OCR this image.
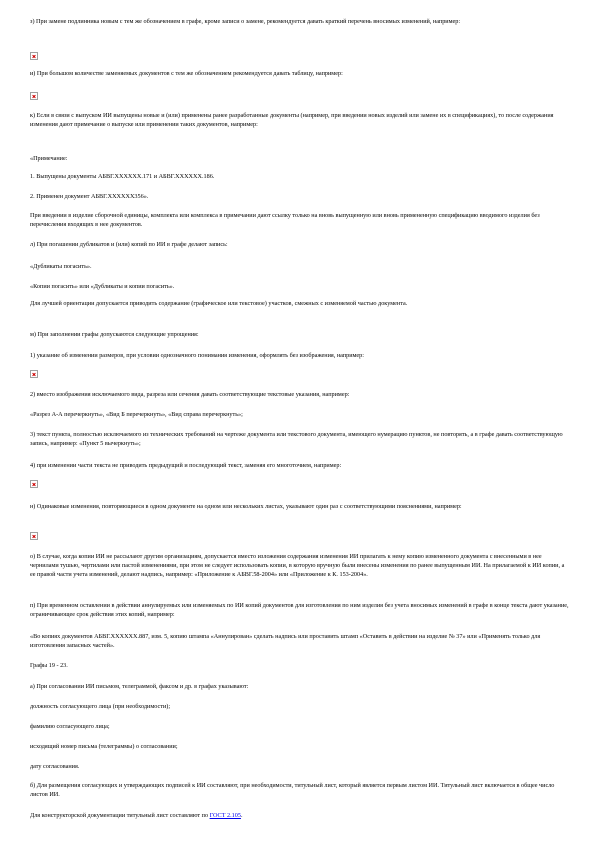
з) При замене подлинника новым с тем же обозначением в графе, кроме записи о замене, рекомендуется давать краткий перечень вносимых изменений, например:

и) При большом количестве заменяемых документов с тем же обозначением рекомендуется давать таблицу, например:

к) Если в связи с выпуском ИИ выпущены новые и (или) применены ранее разработанные документы (например, при введении новых изделий или замене их в спецификациях), то после содержания изменения дают примечание о выпуске или применении таких документов, например:

«Примечание:

1. Выпущены документы АБВГ.ХХХХХХ.171 и АБВГ.ХХХХХХ.186.

2. Применен документ АБВГ.ХХХХХХ356».

При введении в изделие сборочной единицы, комплекта или комплекса в примечании дают ссылку только на вновь выпущенную или вновь примененную спецификацию вводимого изделия без перечисления входящих в нее документов.

л) При погашении дубликатов и (или) копий по ИИ в графе делают запись:

«Дубликаты погасить».

«Копии погасить» или «Дубликаты и копии погасить».

Для лучшей ориентации допускается приводить содержание (графическое или текстовое) участков, смежных с изменяемой частью документа.

м) При заполнении графы допускаются следующие упрощения:

1) указание об изменении размеров, при условии однозначного понимания изменения, оформлять без изображения, например:

2) вместо изображения исключаемого вида, разреза или сечения давать соответствующие текстовые указания, например:

«Разрез А-А перечеркнуть», «Вид Б перечеркнуть», «Вид справа перечеркнуть»;

3) текст пункта, полностью исключаемого из технических требований на чертеже документа или текстового документа, имеющего нумерацию пунктов, не повторять, а в графе давать соответствующую запись, например: «Пункт 5 вычеркнуть»;

4) при изменении части текста не приводить предыдущий и последующий текст, заменяя его многоточием, например:

н) Одинаковые изменения, повторяющиеся в одном документе на одном или нескольких листах, указывают один раз с соответствующими пояснениями, например:

о) В случае, когда копии ИИ не рассылают другим организациям, допускается вместо изложения содержания изменения ИИ прилагать к нему копию измененного документа с внесенными в нее чернилами тушью, чертилами или пастой изменениями, при этом не следует использовать копии, в которую вручную были внесены изменения по ранее выпущенным ИИ. На прилагаемой к ИИ копии, а ее правой части учета изменений, делают надпись, например: «Приложение к АБВГ.58-2004» или «Приложение к К. 153-2004».

п) При временном оставлении в действии аннулируемых или изменяемых по ИИ копий документов для изготовления по ним изделия без учета вносимых изменений в графе в конце текста дают указание, ограничивающее срок действия этих копий, например:

«Во копиях документов АБВГ.ХХХХХХ.887, изм. 5, копию штампа «Аннулирован» сделать надпись или проставить штамп «Оставить в действии на изделие № 37» или «Применять только для изготовления запасных частей».

Графы 19 - 23.

а) При согласовании ИИ письмом, телеграммой, факсом и др. в графах указывают:

должность согласующего лица (при необходимости);

фамилию согласующего лица;

исходящий номер письма (телеграммы) о согласовании;

дату согласования.

б) Для размещения согласующих и утверждающих подписей к ИИ составляют, при необходимости, титульный лист, который является первым листом ИИ. Титульный лист включается в общее число листов ИИ.

Для конструкторской документации титульный лист составляют по ГОСТ 2.105.
